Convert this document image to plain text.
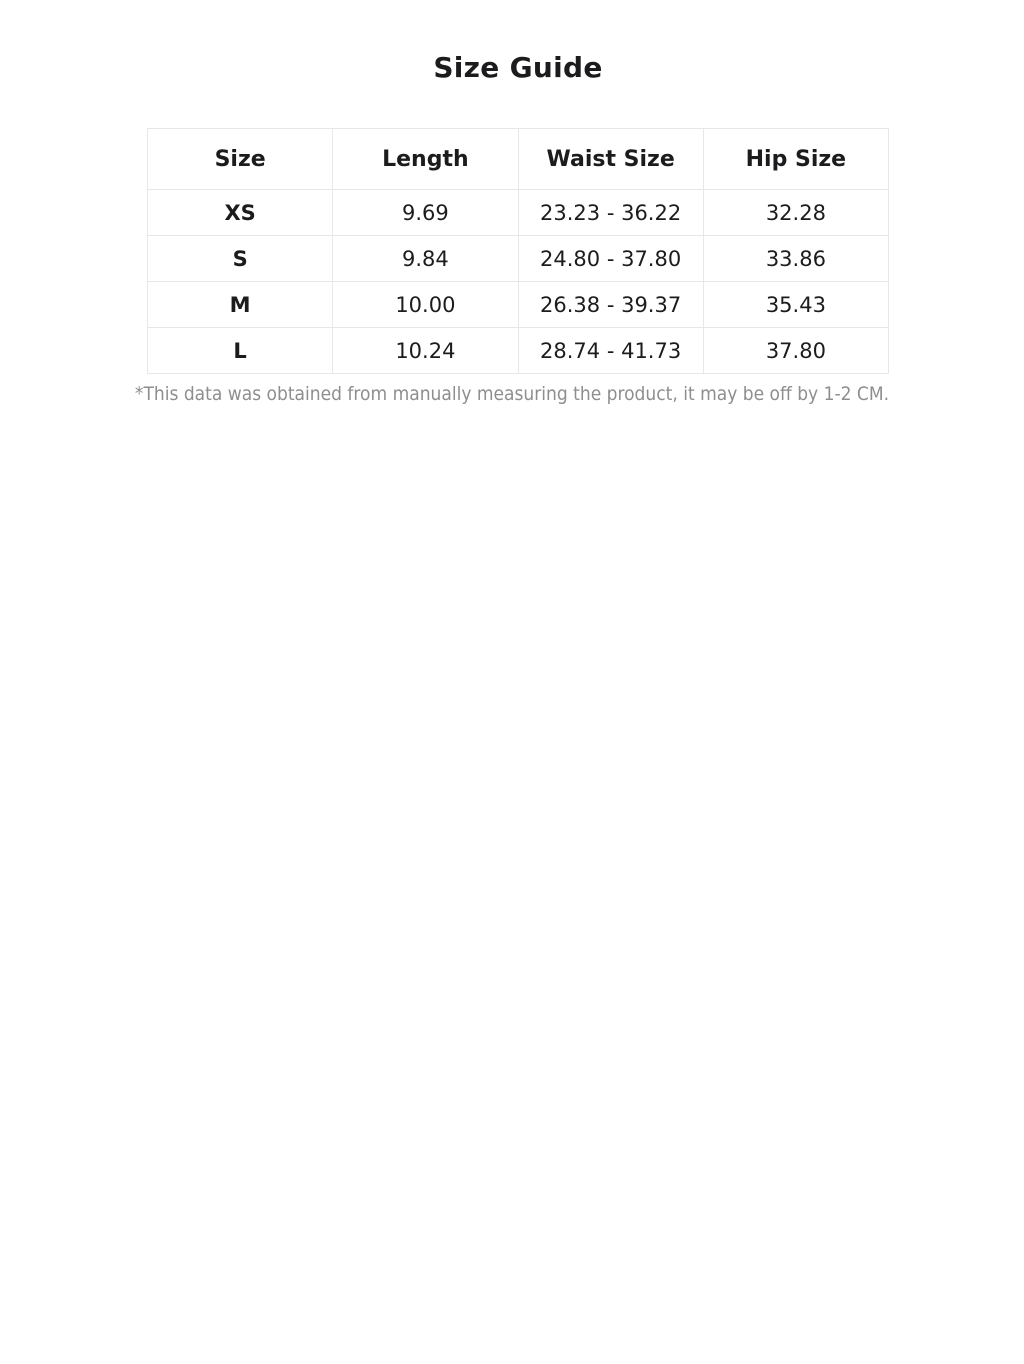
Size Guide
Size	Length	Waist Size	Hip Size
XS	9.69	23.23 - 36.22	32.28
S	9.84	24.80 - 37.80	33.86
M	10.00	26.38 - 39.37	35.43
L	10.24	28.74 - 41.73	37.80

*This data was obtained from manually measuring the product, it may be off by 1-2 CM.
